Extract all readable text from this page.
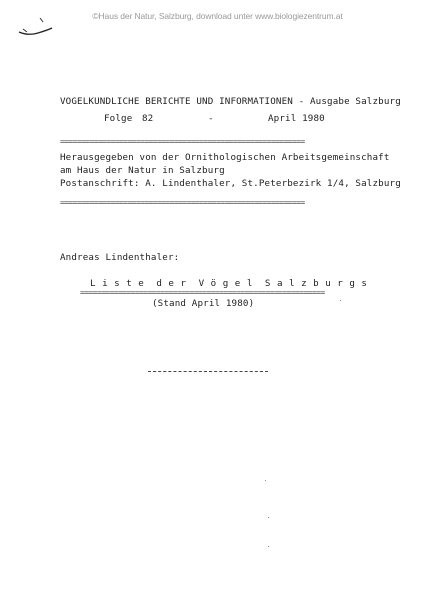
©Haus der Natur, Salzburg, download unter www.biologiezentrum.at
VOGELKUNDLICHE BERICHTE UND INFORMATIONEN - Ausgabe Salzburg
Folge 82	-	April 1980
==========================================================
Herausgegeben von der Ornithologischen Arbeitsgemeinschaft
am Haus der Natur in Salzburg
Postanschrift: A. Lindenthaler, St.Peterbezirk 1/4, Salzburg
==========================================================
Andreas Lindenthaler:
L i s t e  d e r  V ö g e l  S a l z b u r g s
==========================================================
(Stand April 1980)
